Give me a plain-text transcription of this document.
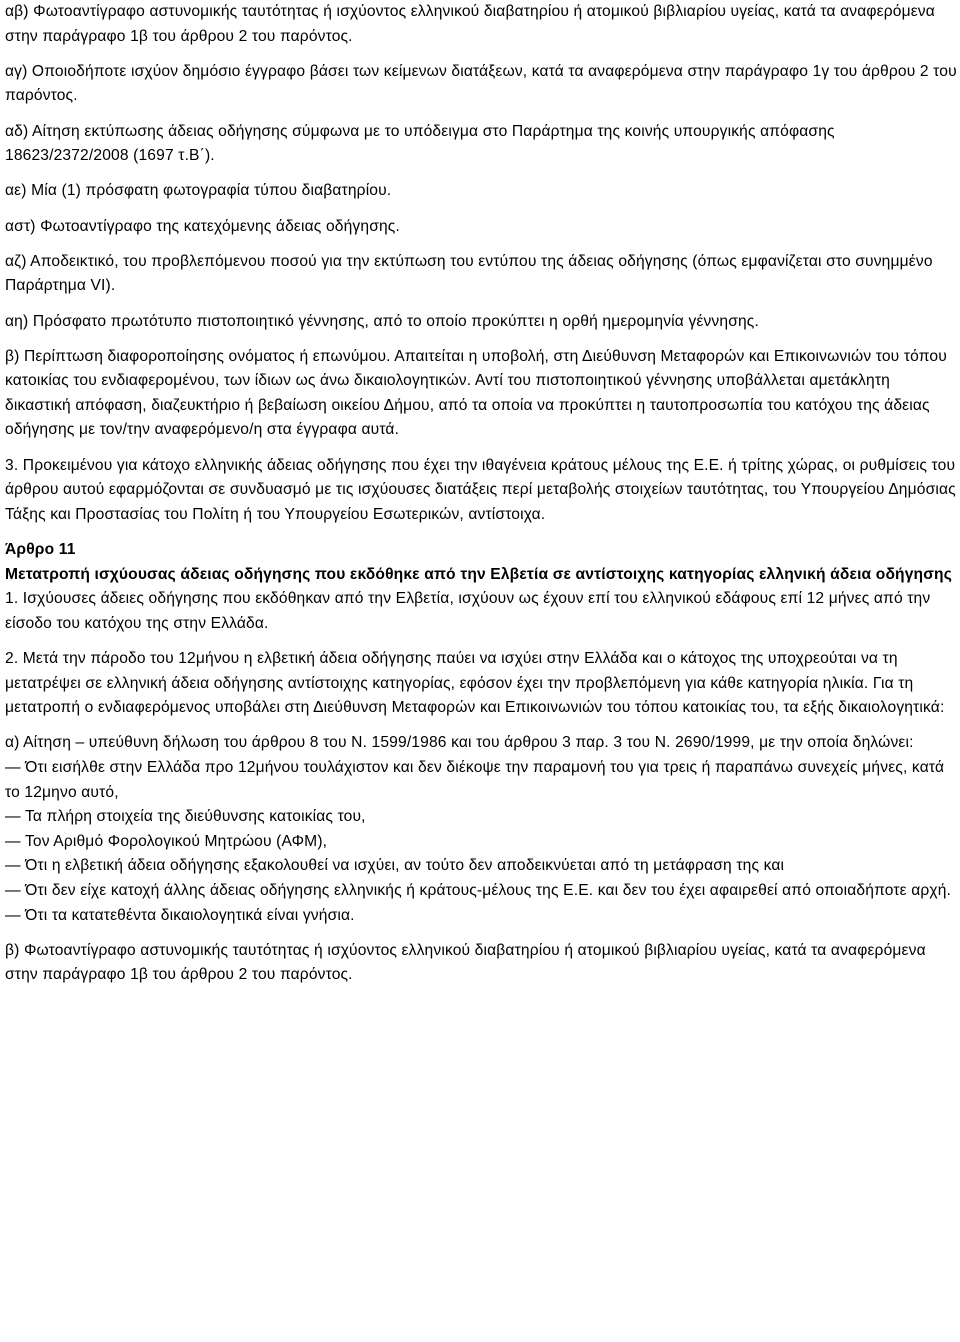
αβ) Φωτοαντίγραφο αστυνομικής ταυτότητας ή ισχύοντος ελληνικού διαβατηρίου ή ατομικού βιβλιαρίου υγείας, κατά τα αναφερόμενα στην παράγραφο 1β του άρθρου 2 του παρόντος.

αγ) Οποιοδήποτε ισχύον δημόσιο έγγραφο βάσει των κείμενων διατάξεων, κατά τα αναφερόμενα στην παράγραφο 1γ του άρθρου 2 του παρόντος.

αδ) Αίτηση εκτύπωσης άδειας οδήγησης σύμφωνα με το υπόδειγμα στο Παράρτημα της κοινής υπουργικής απόφασης 18623/2372/2008 (1697 τ.Β΄).

αε) Μία (1) πρόσφατη φωτογραφία τύπου διαβατηρίου.

αστ) Φωτοαντίγραφο της κατεχόμενης άδειας οδήγησης.

αζ) Αποδεικτικό, του προβλεπόμενου ποσού για την εκτύπωση του εντύπου της άδειας οδήγησης (όπως εμφανίζεται στο συνημμένο Παράρτημα VI).

αη) Πρόσφατο πρωτότυπο πιστοποιητικό γέννησης, από το οποίο προκύπτει η ορθή ημερομηνία γέννησης.

β) Περίπτωση διαφοροποίησης ονόματος ή επωνύμου. Απαιτείται η υποβολή, στη Διεύθυνση Μεταφορών και Επικοινωνιών του τόπου κατοικίας του ενδιαφερομένου, των ίδιων ως άνω δικαιολογητικών. Αντί του πιστοποιητικού γέννησης υποβάλλεται αμετάκλητη δικαστική απόφαση, διαζευκτήριο ή βεβαίωση οικείου Δήμου, από τα οποία να προκύπτει η ταυτοπροσωπία του κατόχου της άδειας οδήγησης με τον/την αναφερόμενο/η στα έγγραφα αυτά.

3. Προκειμένου για κάτοχο ελληνικής άδειας οδήγησης που έχει την ιθαγένεια κράτους μέλους της Ε.Ε. ή τρίτης χώρας, οι ρυθμίσεις του άρθρου αυτού εφαρμόζονται σε συνδυασμό με τις ισχύουσες διατάξεις περί μεταβολής στοιχείων ταυτότητας, του Υπουργείου Δημόσιας Τάξης και Προστασίας του Πολίτη ή του Υπουργείου Εσωτερικών, αντίστοιχα.

Άρθρο 11

Μετατροπή ισχύουσας άδειας οδήγησης που εκδόθηκε από την Ελβετία σε αντίστοιχης κατηγορίας ελληνική άδεια οδήγησης

1. Ισχύουσες άδειες οδήγησης που εκδόθηκαν από την Ελβετία, ισχύουν ως έχουν επί του ελληνικού εδάφους επί 12 μήνες από την είσοδο του κατόχου της στην Ελλάδα.

2. Μετά την πάροδο του 12μήνου η ελβετική άδεια οδήγησης παύει να ισχύει στην Ελλάδα και ο κάτοχος της υποχρεούται να τη μετατρέψει σε ελληνική άδεια οδήγησης αντίστοιχης κατηγορίας, εφόσον έχει την προβλεπόμενη για κάθε κατηγορία ηλικία. Για τη μετατροπή ο ενδιαφερόμενος υποβάλει στη Διεύθυνση Μεταφορών και Επικοινωνιών του τόπου κατοικίας του, τα εξής δικαιολογητικά:

α) Αίτηση – υπεύθυνη δήλωση του άρθρου 8 του Ν. 1599/1986 και του άρθρου 3 παρ. 3 του Ν. 2690/1999, με την οποία δηλώνει:

— Ότι εισήλθε στην Ελλάδα προ 12μήνου τουλάχιστον και δεν διέκοψε την παραμονή του για τρεις ή παραπάνω συνεχείς μήνες, κατά το 12μηνο αυτό,

— Τα πλήρη στοιχεία της διεύθυνσης κατοικίας του,

— Τον Αριθμό Φορολογικού Μητρώου (ΑΦΜ),

— Ότι η ελβετική άδεια οδήγησης εξακολουθεί να ισχύει, αν τούτο δεν αποδεικνύεται από τη μετάφραση της και

— Ότι δεν είχε κατοχή άλλης άδειας οδήγησης ελληνικής ή κράτους-μέλους της Ε.Ε. και δεν του έχει αφαιρεθεί από οποιαδήποτε αρχή.

— Ότι τα κατατεθέντα δικαιολογητικά είναι γνήσια.

β) Φωτοαντίγραφο αστυνομικής ταυτότητας ή ισχύοντος ελληνικού διαβατηρίου ή ατομικού βιβλιαρίου υγείας, κατά τα αναφερόμενα στην παράγραφο 1β του άρθρου 2 του παρόντος.
